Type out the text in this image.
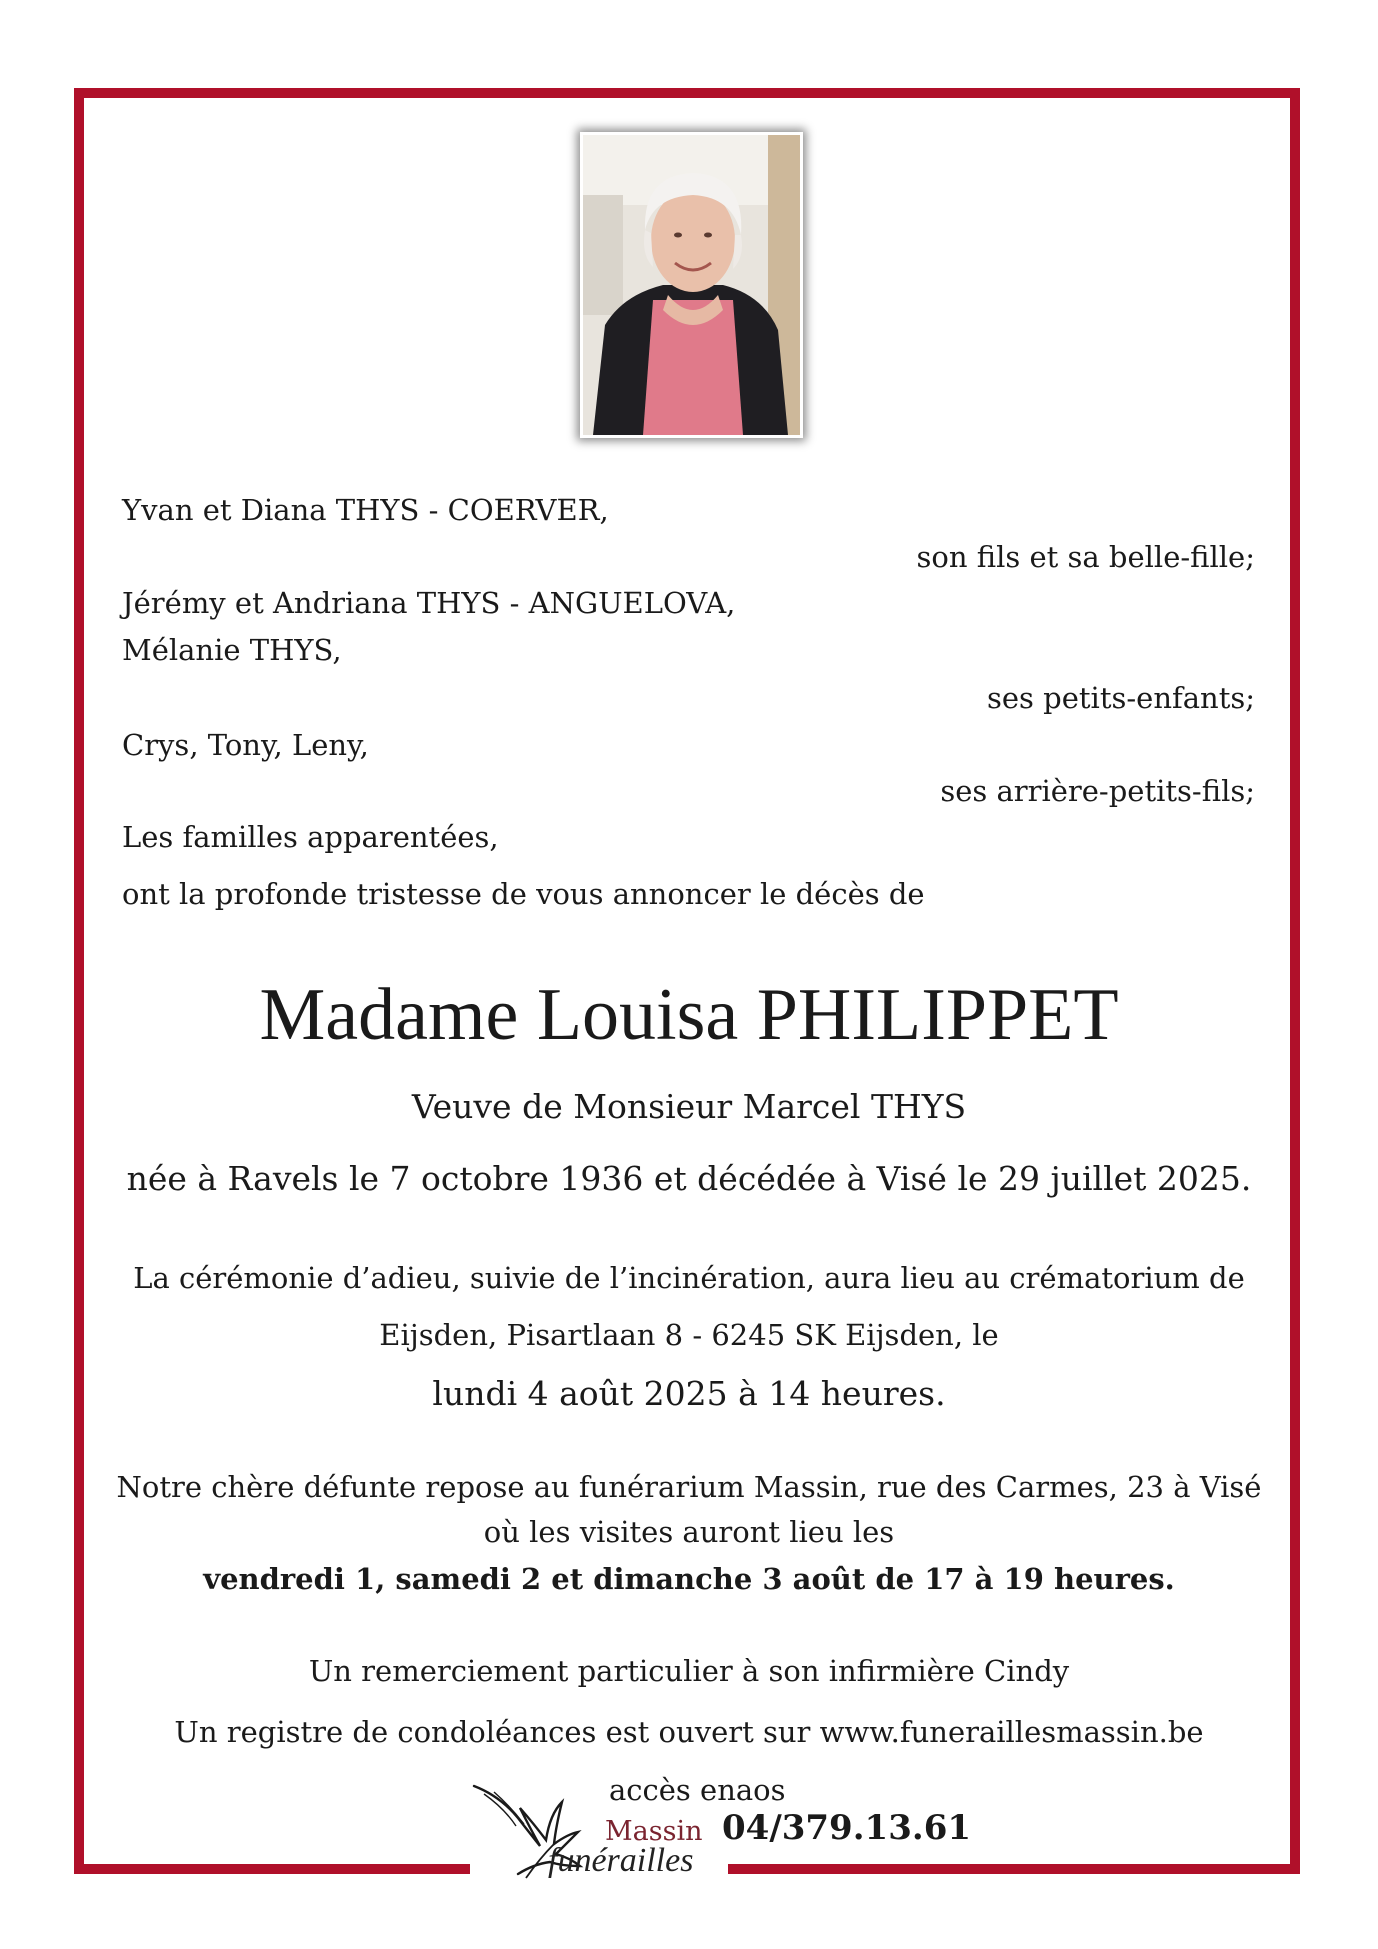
Yvan et Diana THYS - COERVER,
son fils et sa belle-fille;
Jérémy et Andriana THYS - ANGUELOVA,
Mélanie THYS,
ses petits-enfants;
Crys, Tony, Leny,
ses arrière-petits-fils;
Les familles apparentées,
ont la profonde tristesse de vous annoncer le décès de
Madame Louisa PHILIPPET
Veuve de Monsieur Marcel THYS
née à Ravels le 7 octobre 1936 et décédée à Visé le 29 juillet 2025.
La cérémonie d’adieu, suivie de l’incinération, aura lieu au crématorium de
Eijsden, Pisartlaan 8 - 6245 SK Eijsden, le
lundi 4 août 2025 à 14 heures.
Notre chère défunte repose au funérarium Massin, rue des Carmes, 23 à Visé
où les visites auront lieu les
vendredi 1, samedi 2 et dimanche 3 août de 17 à 19 heures.
Un remerciement particulier à son infirmière Cindy
Un registre de condoléances est ouvert sur www.funeraillesmassin.be
accès enaos
Massin
funérailles
04/379.13.61
